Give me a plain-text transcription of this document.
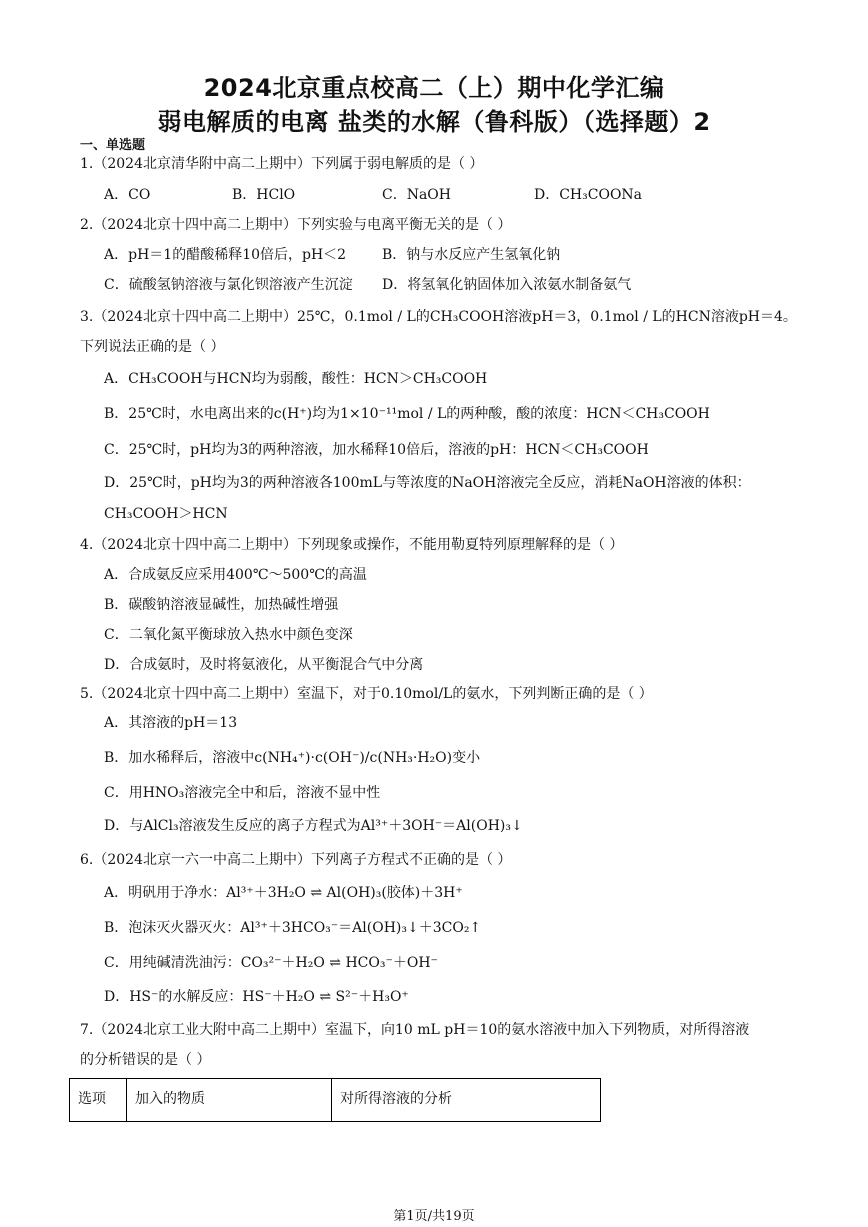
2024北京重点校高二（上）期中化学汇编
弱电解质的电离 盐类的水解（鲁科版）（选择题）2
一、单选题
1.（2024北京清华附中高二上期中）下列属于弱电解质的是（ ）
A．CO	B．HClO	C．NaOH	D．CH₃COONa
2.（2024北京十四中高二上期中）下列实验与电离平衡无关的是（ ）
A．pH＝1的醋酸稀释10倍后，pH＜2	B．钠与水反应产生氢氧化钠
C．硫酸氢钠溶液与氯化钡溶液产生沉淀 D．将氢氧化钠固体加入浓氨水制备氨气
3.（2024北京十四中高二上期中）25℃，0.1mol / L的CH₃COOH溶液pH＝3，0.1mol / L的HCN溶液pH＝4。
下列说法正确的是（ ）
A．CH₃COOH与HCN均为弱酸，酸性：HCN＞CH₃COOH
B．25℃时，水电离出来的c(H⁺)均为1×10⁻¹¹mol / L的两种酸，酸的浓度：HCN＜CH₃COOH
C．25℃时，pH均为3的两种溶液，加水稀释10倍后，溶液的pH：HCN＜CH₃COOH
D．25℃时，pH均为3的两种溶液各100mL与等浓度的NaOH溶液完全反应，消耗NaOH溶液的体积：
CH₃COOH＞HCN
4.（2024北京十四中高二上期中）下列现象或操作，不能用勒夏特列原理解释的是（ ）
A．合成氨反应采用400℃～500℃的高温
B．碳酸钠溶液显碱性，加热碱性增强
C．二氧化氮平衡球放入热水中颜色变深
D．合成氨时，及时将氨液化，从平衡混合气中分离
5.（2024北京十四中高二上期中）室温下，对于0.10mol/L的氨水，下列判断正确的是（ ）
A．其溶液的pH＝13
B．加水稀释后，溶液中c(NH₄⁺)·c(OH⁻)/c(NH₃·H₂O)变小
C．用HNO₃溶液完全中和后，溶液不显中性
D．与AlCl₃溶液发生反应的离子方程式为Al³⁺＋3OH⁻＝Al(OH)₃↓
6.（2024北京一六一中高二上期中）下列离子方程式不正确的是（ ）
A．明矾用于净水：Al³⁺＋3H₂O ⇌ Al(OH)₃(胶体)＋3H⁺
B．泡沫灭火器灭火：Al³⁺＋3HCO₃⁻＝Al(OH)₃↓＋3CO₂↑
C．用纯碱清洗油污：CO₃²⁻＋H₂O ⇌ HCO₃⁻＋OH⁻
D．HS⁻的水解反应：HS⁻＋H₂O ⇌ S²⁻＋H₃O⁺
7.（2024北京工业大附中高二上期中）室温下，向10 mL pH＝10的氨水溶液中加入下列物质，对所得溶液
的分析错误的是（ ）
选项	加入的物质	对所得溶液的分析
第1页/共19页
